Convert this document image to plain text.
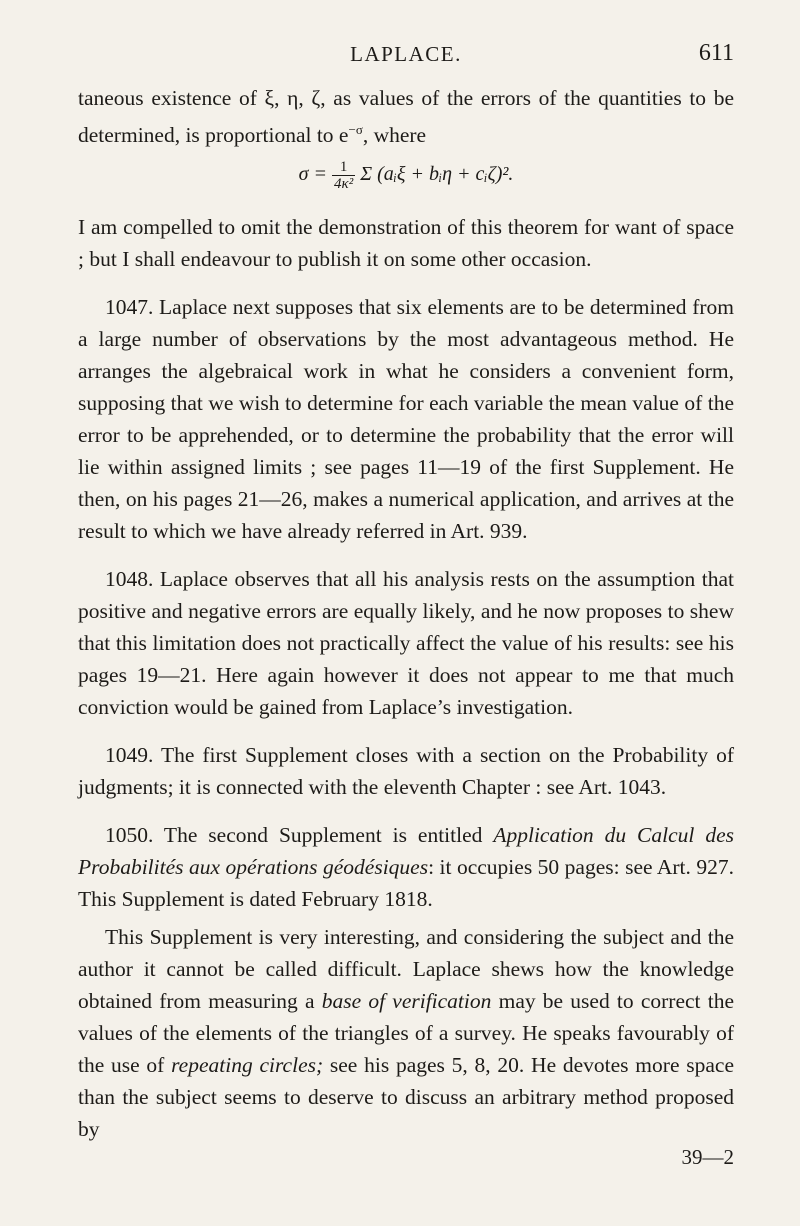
LAPLACE.	611

taneous existence of ξ, η, ζ, as values of the errors of the quantities to be determined, is proportional to $e^{-\sigma}$, where

$\sigma = \frac{1}{\text{4κ²}}$ Σ (aᵢξ + bᵢη + cᵢζ)².

I am compelled to omit the demonstration of this theorem for want of space ; but I shall endeavour to publish it on some other occasion.

1047. Laplace next supposes that six elements are to be determined from a large number of observations by the most advantageous method. He arranges the algebraical work in what he considers a convenient form, supposing that we wish to determine for each variable the mean value of the error to be apprehended, or to determine the probability that the error will lie within assigned limits ; see pages 11—19 of the first Supplement. He then, on his pages 21—26, makes a numerical application, and arrives at the result to which we have already referred in Art. 939.

1048. Laplace observes that all his analysis rests on the assumption that positive and negative errors are equally likely, and he now proposes to shew that this limitation does not practically affect the value of his results: see his pages 19—21. Here again however it does not appear to me that much conviction would be gained from Laplace’s investigation.

1049. The first Supplement closes with a section on the Probability of judgments; it is connected with the eleventh Chapter : see Art. 1043.

1050. The second Supplement is entitled Application du Calcul des Probabilités aux opérations géodésiques: it occupies 50 pages: see Art. 927. This Supplement is dated February 1818.

This Supplement is very interesting, and considering the subject and the author it cannot be called difficult. Laplace shews how the knowledge obtained from measuring a base of verification may be used to correct the values of the elements of the triangles of a survey. He speaks favourably of the use of repeating circles; see his pages 5, 8, 20. He devotes more space than the subject seems to deserve to discuss an arbitrary method proposed by

39—2
